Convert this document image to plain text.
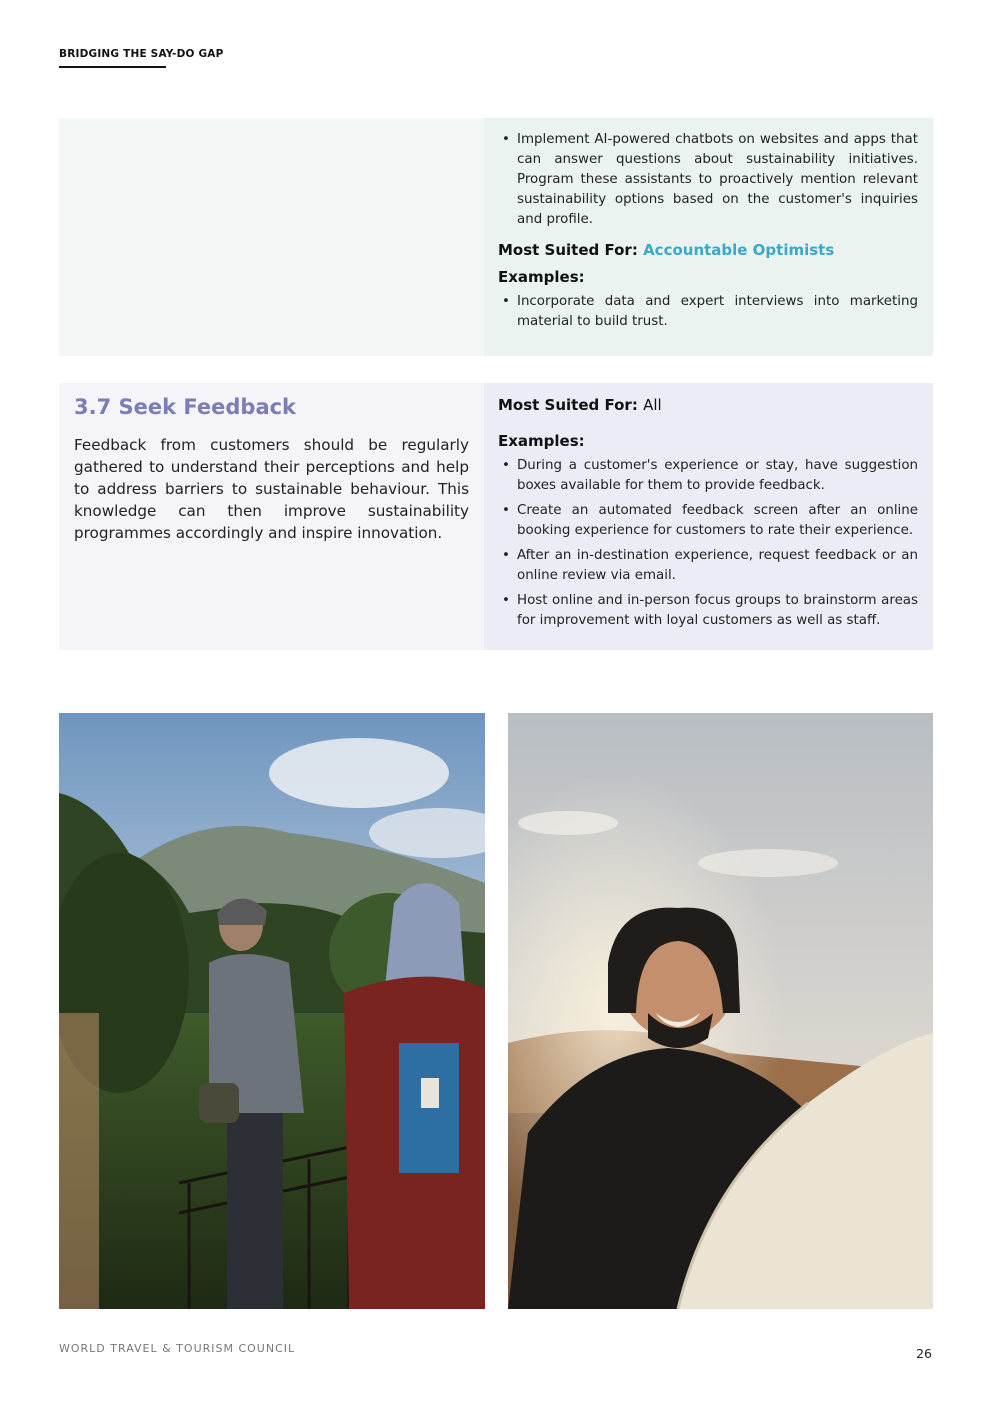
BRIDGING THE SAY-DO GAP
• Implement AI-powered chatbots on websites and apps that can answer questions about sustainability initiatives. Program these assistants to proactively mention relevant sustainability options based on the customer's inquiries and profile.
Most Suited For: Accountable Optimists
Examples:
• Incorporate data and expert interviews into marketing material to build trust.
3.7 Seek Feedback

Feedback from customers should be regularly gathered to understand their perceptions and help to address barriers to sustainable behaviour. This knowledge can then improve sustainability programmes accordingly and inspire innovation.

Most Suited For: All
Examples:
• During a customer's experience or stay, have suggestion boxes available for them to provide feedback.
• Create an automated feedback screen after an online booking experience for customers to rate their experience.
• After an in-destination experience, request feedback or an online review via email.
• Host online and in-person focus groups to brainstorm areas for improvement with loyal customers as well as staff.
WORLD TRAVEL & TOURISM COUNCIL	26
